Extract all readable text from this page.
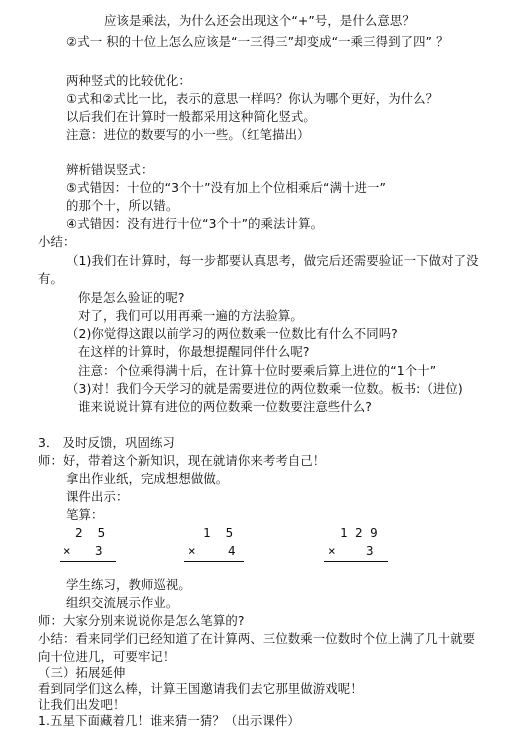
应该是乘法，为什么还会出现这个“+”号，是什么意思？
②式一 积的十位上怎么应该是“一三得三”却变成“一乘三得到了四” ？
两种竖式的比较优化：
①式和②式比一比，表示的意思一样吗？你认为哪个更好，为什么？
以后我们在计算时一般都采用这种简化竖式。
注意：进位的数要写的小一些。（红笔描出）
辨析错误竖式：
⑤式错因：十位的“3个十”没有加上个位相乘后“满十进一”
的那个十，所以错。
④式错因：没有进行十位“3个十”的乘法计算。
小结：
（1)我们在计算时，每一步都要认真思考，做完后还需要验证一下做对了没
有。
你是怎么验证的呢?
对了，我们可以用再乘一遍的方法验算。
（2)你觉得这跟以前学习的两位数乘一位数比有什么不同吗?
在这样的计算时，你最想提醒同伴什么呢?
注意：个位乘得满十后，在计算十位时要乘后算上进位的“1个十”
（3)对！我们今天学习的就是需要进位的两位数乘一位数。板书:（进位)
谁来说说计算有进位的两位数乘一位数要注意些什么?
3． 及时反馈，巩固练习
师：好，带着这个新知识，现在就请你来考考自己！
拿出作业纸，完成想想做做。
课件出示：
笔算：
2  5
× 3
1  5
×	4
1 2 9
× 3
学生练习，教师巡视。
组织交流展示作业。
师：大家分别来说说你是怎么笔算的?
小结：看来同学们已经知道了在计算两、三位数乘一位数时个位上满了几十就要
向十位进几，可要牢记！
（三）拓展延伸
看到同学们这么棒，计算王国邀请我们去它那里做游戏呢！
让我们出发吧！
1.五星下面藏着几！谁来猜一猜？（出示课件）
